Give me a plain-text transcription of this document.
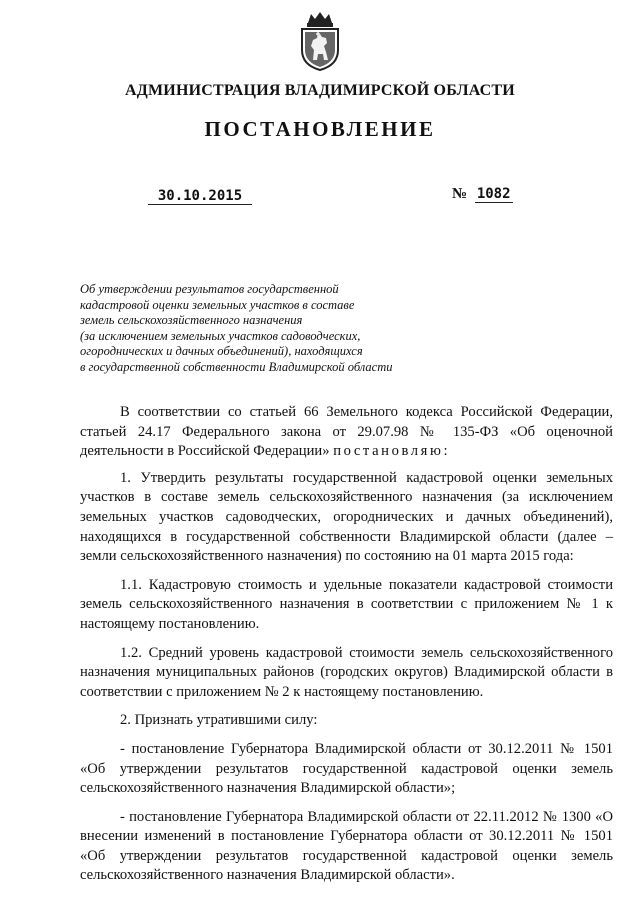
АДМИНИСТРАЦИЯ ВЛАДИМИРСКОЙ ОБЛАСТИ
ПОСТАНОВЛЕНИЕ
30.10.2015	№ 1082
Об утверждении результатов государственной
кадастровой оценки земельных участков в составе
земель сельскохозяйственного назначения
(за исключением земельных участков садоводческих,
огороднических и дачных объединений), находящихся
в государственной собственности Владимирской области

В соответствии со статьей 66 Земельного кодекса Российской Федерации, статьей 24.17 Федерального закона от 29.07.98 № 135-ФЗ «Об оценочной деятельности в Российской Федерации» постановляю:

1. Утвердить результаты государственной кадастровой оценки земельных участков в составе земель сельскохозяйственного назначения (за исключением земельных участков садоводческих, огороднических и дачных объединений), находящихся в государственной собственности Владимирской области (далее – земли сельскохозяйственного назначения) по состоянию на 01 марта 2015 года:

1.1. Кадастровую стоимость и удельные показатели кадастровой стоимости земель сельскохозяйственного назначения в соответствии с приложением № 1 к настоящему постановлению.

1.2. Средний уровень кадастровой стоимости земель сельскохозяйственного назначения муниципальных районов (городских округов) Владимирской области в соответствии с приложением № 2 к настоящему постановлению.

2. Признать утратившими силу:

- постановление Губернатора Владимирской области от 30.12.2011 № 1501 «Об утверждении результатов государственной кадастровой оценки земель сельскохозяйственного назначения Владимирской области»;

- постановление Губернатора Владимирской области от 22.11.2012 № 1300 «О внесении изменений в постановление Губернатора области от 30.12.2011 № 1501 «Об утверждении результатов государственной кадастровой оценки земель сельскохозяйственного назначения Владимирской области».
